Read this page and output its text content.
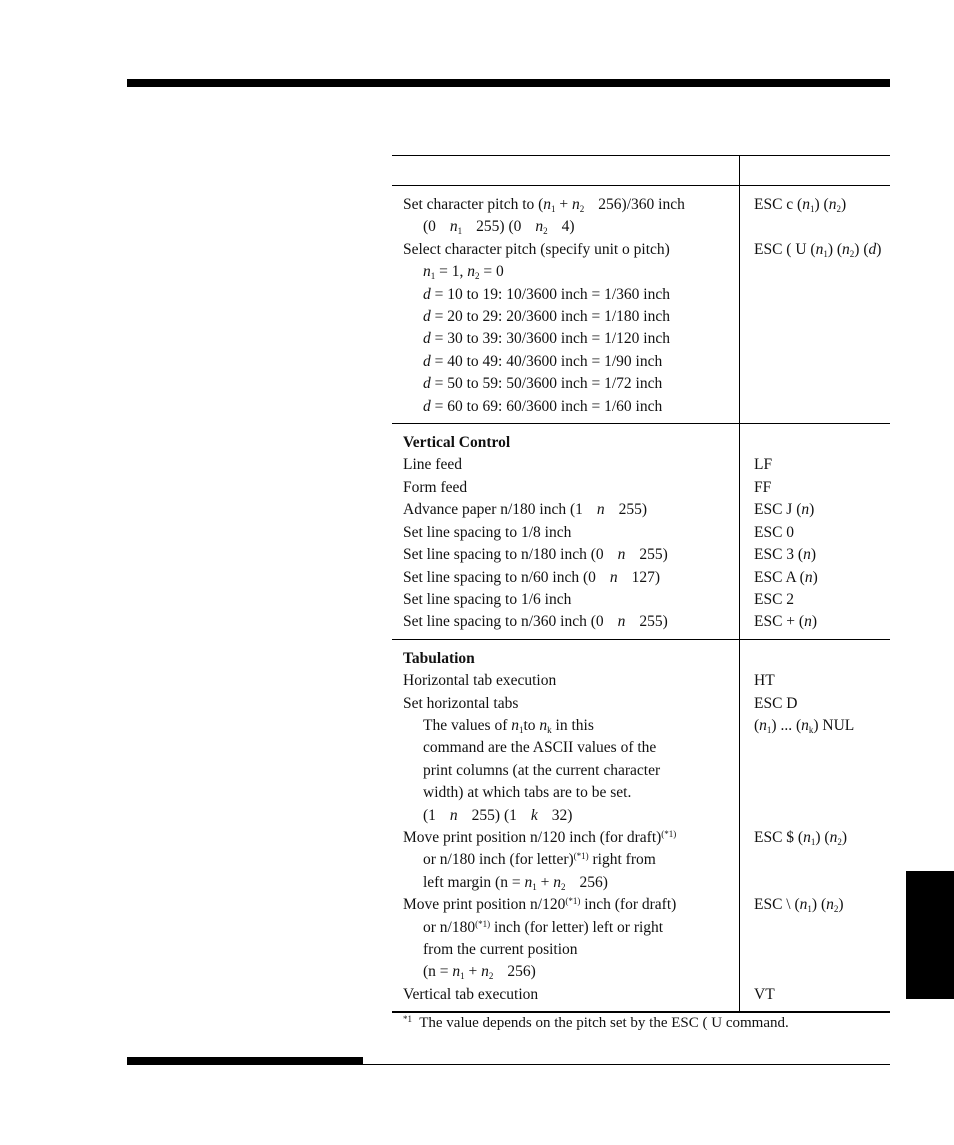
Set character pitch to ($n_1 + n_2$ 256)/360 inch	ESC c $(n_1)$ $(n_2)$

(0 $n_1$ 255) (0 $n_2$ 4)	

Select character pitch (specify unit o pitch)	ESC ( U $(n_1)$ $(n_2)$ (d)

$n_1 = 1$, $n_2 = 0$	

d = 10 to 19: 10/3600 inch = 1/360 inch	

d = 20 to 29: 20/3600 inch = 1/180 inch	

d = 30 to 39: 30/3600 inch = 1/120 inch	

d = 40 to 49: 40/3600 inch = 1/90 inch	

d = 50 to 59: 50/3600 inch = 1/72 inch	

d = 60 to 69: 60/3600 inch = 1/60 inch	

Vertical Control	
Line feed	LF
Form feed	FF
Advance paper n/180 inch (1 n 255)	ESC J (n)
Set line spacing to 1/8 inch	ESC 0
Set line spacing to n/180 inch (0 n 255)	ESC 3 (n)
Set line spacing to n/60 inch (0 n 127)	ESC A (n)
Set line spacing to 1/6 inch	ESC 2
Set line spacing to n/360 inch (0 n 255)	ESC + (n)
Tabulation	
Horizontal tab execution	HT
Set horizontal tabs	ESC D

The values of $n_1to$ $n_k$ in this	$(n_1)$ ... $(n_k)$ NUL

command are the ASCII values of the	

print columns (at the current character	

width) at which tabs are to be set.	

(1 n 255) (1 k 32)	

Move print position n/120 inch (for draft)$^{(*1)}$	ESC $ $(n_1)$ $(n_2)$

or n/180 inch (for letter)$^{(*1)}$ right from	

left margin ($n = n_1 + n_2$ 256)	

Move print position $n/120^{(*1)}$ inch (for draft)	ESC \ $(n_1)$ $(n_2)$

or $n/180^{(*1)}$ inch (for letter) left or right	

from the current position	

($n = n_1 + n_2$ 256)	

Vertical tab execution	VT
$^{*1}$ The value depends on the pitch set by the ESC ( U command.
